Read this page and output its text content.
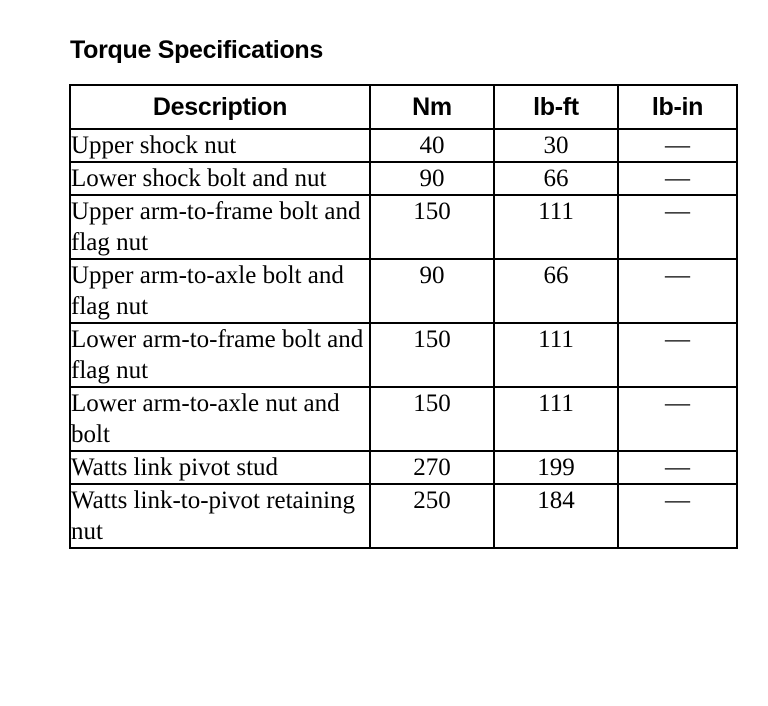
Torque Specifications
Description	Nm	lb-ft	lb-in
Upper shock nut	40	30	—
Lower shock bolt and nut	90	66	—
Upper arm-to-frame bolt and flag nut	150	111	—
Upper arm-to-axle bolt and flag nut	90	66	—
Lower arm-to-frame bolt and flag nut	150	111	—
Lower arm-to-axle nut and bolt	150	111	—
Watts link pivot stud	270	199	—
Watts link-to-pivot retaining nut	250	184	—
